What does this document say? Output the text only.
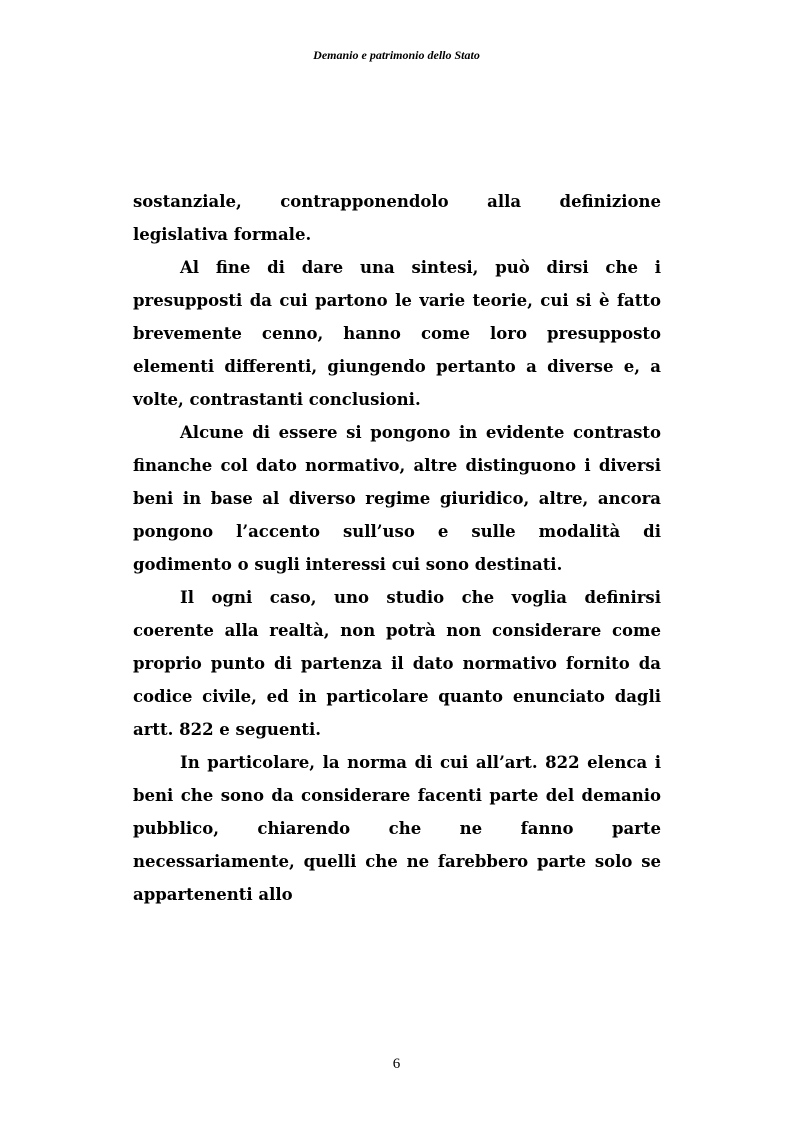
Demanio e patrimonio dello Stato

sostanziale, contrapponendolo alla definizione legislativa formale.

Al fine di dare una sintesi, può dirsi che i presupposti da cui partono le varie teorie, cui si è fatto brevemente cenno, hanno come loro presupposto elementi differenti, giungendo pertanto a diverse e, a volte, contrastanti conclusioni.

Alcune di essere si pongono in evidente contrasto finanche col dato normativo, altre distinguono i diversi beni in base al diverso regime giuridico, altre, ancora pongono l’accento sull’uso e sulle modalità di godimento o sugli interessi cui sono destinati.

Il ogni caso, uno studio che voglia definirsi coerente alla realtà, non potrà non considerare come proprio punto di partenza il dato normativo fornito da codice civile, ed in particolare quanto enunciato dagli artt. 822 e seguenti.

In particolare, la norma di cui all’art. 822 elenca i beni che sono da considerare facenti parte del demanio pubblico, chiarendo che ne fanno parte necessariamente, quelli che ne farebbero parte solo se appartenenti allo

6
